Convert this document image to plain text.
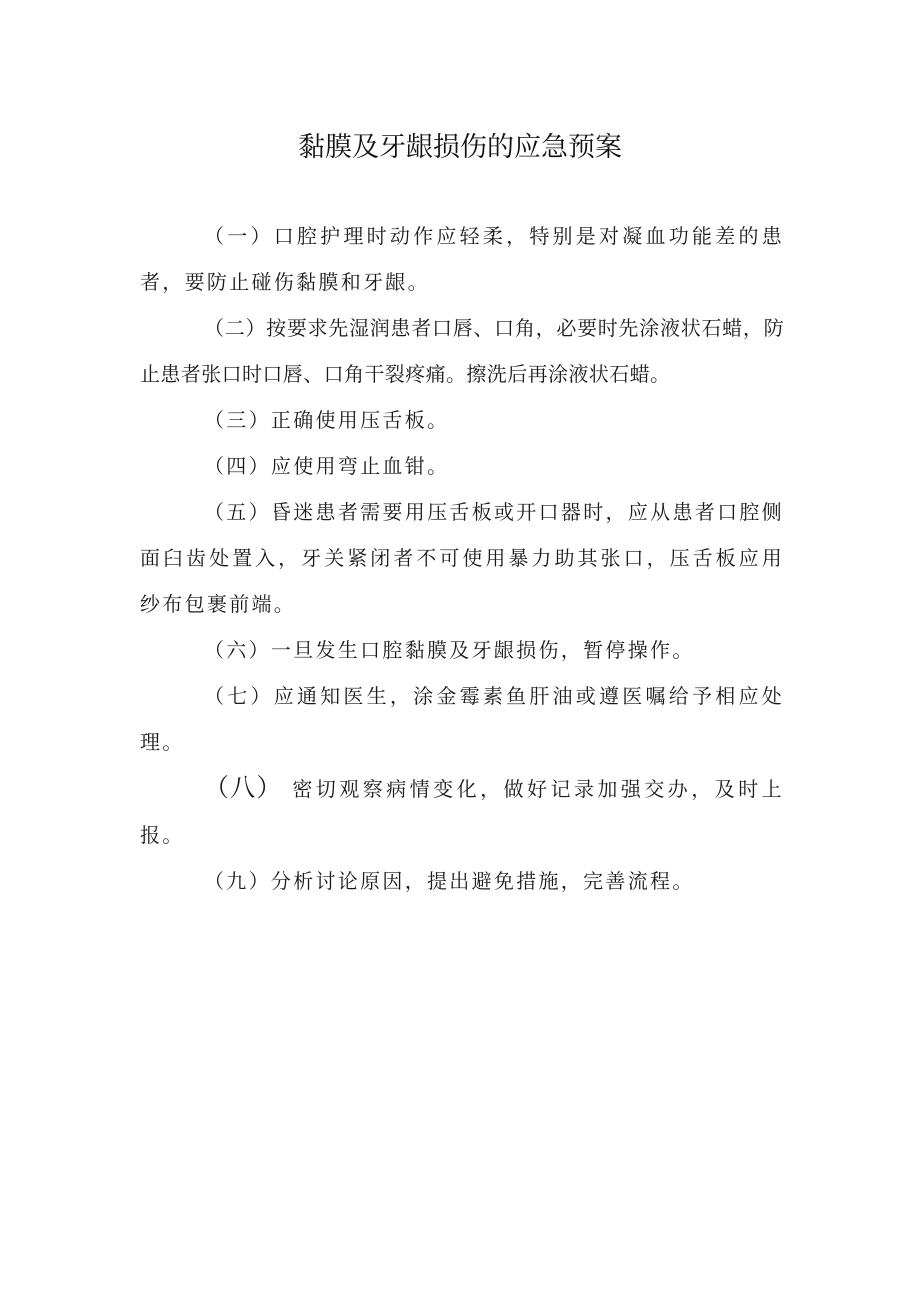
黏膜及牙龈损伤的应急预案

（一）口腔护理时动作应轻柔，特别是对凝血功能差的患者，要防止碰伤黏膜和牙龈。

（二）按要求先湿润患者口唇、口角，必要时先涂液状石蜡，防止患者张口时口唇、口角干裂疼痛。擦洗后再涂液状石蜡。

（三）正确使用压舌板。

（四）应使用弯止血钳。

（五）昏迷患者需要用压舌板或开口器时，应从患者口腔侧面臼齿处置入，牙关紧闭者不可使用暴力助其张口，压舌板应用纱布包裹前端。

（六）一旦发生口腔黏膜及牙龈损伤，暂停操作。

（七）应通知医生，涂金霉素鱼肝油或遵医嘱给予相应处理。

（八） 密切观察病情变化，做好记录加强交办，及时上报。

（九）分析讨论原因，提出避免措施，完善流程。
